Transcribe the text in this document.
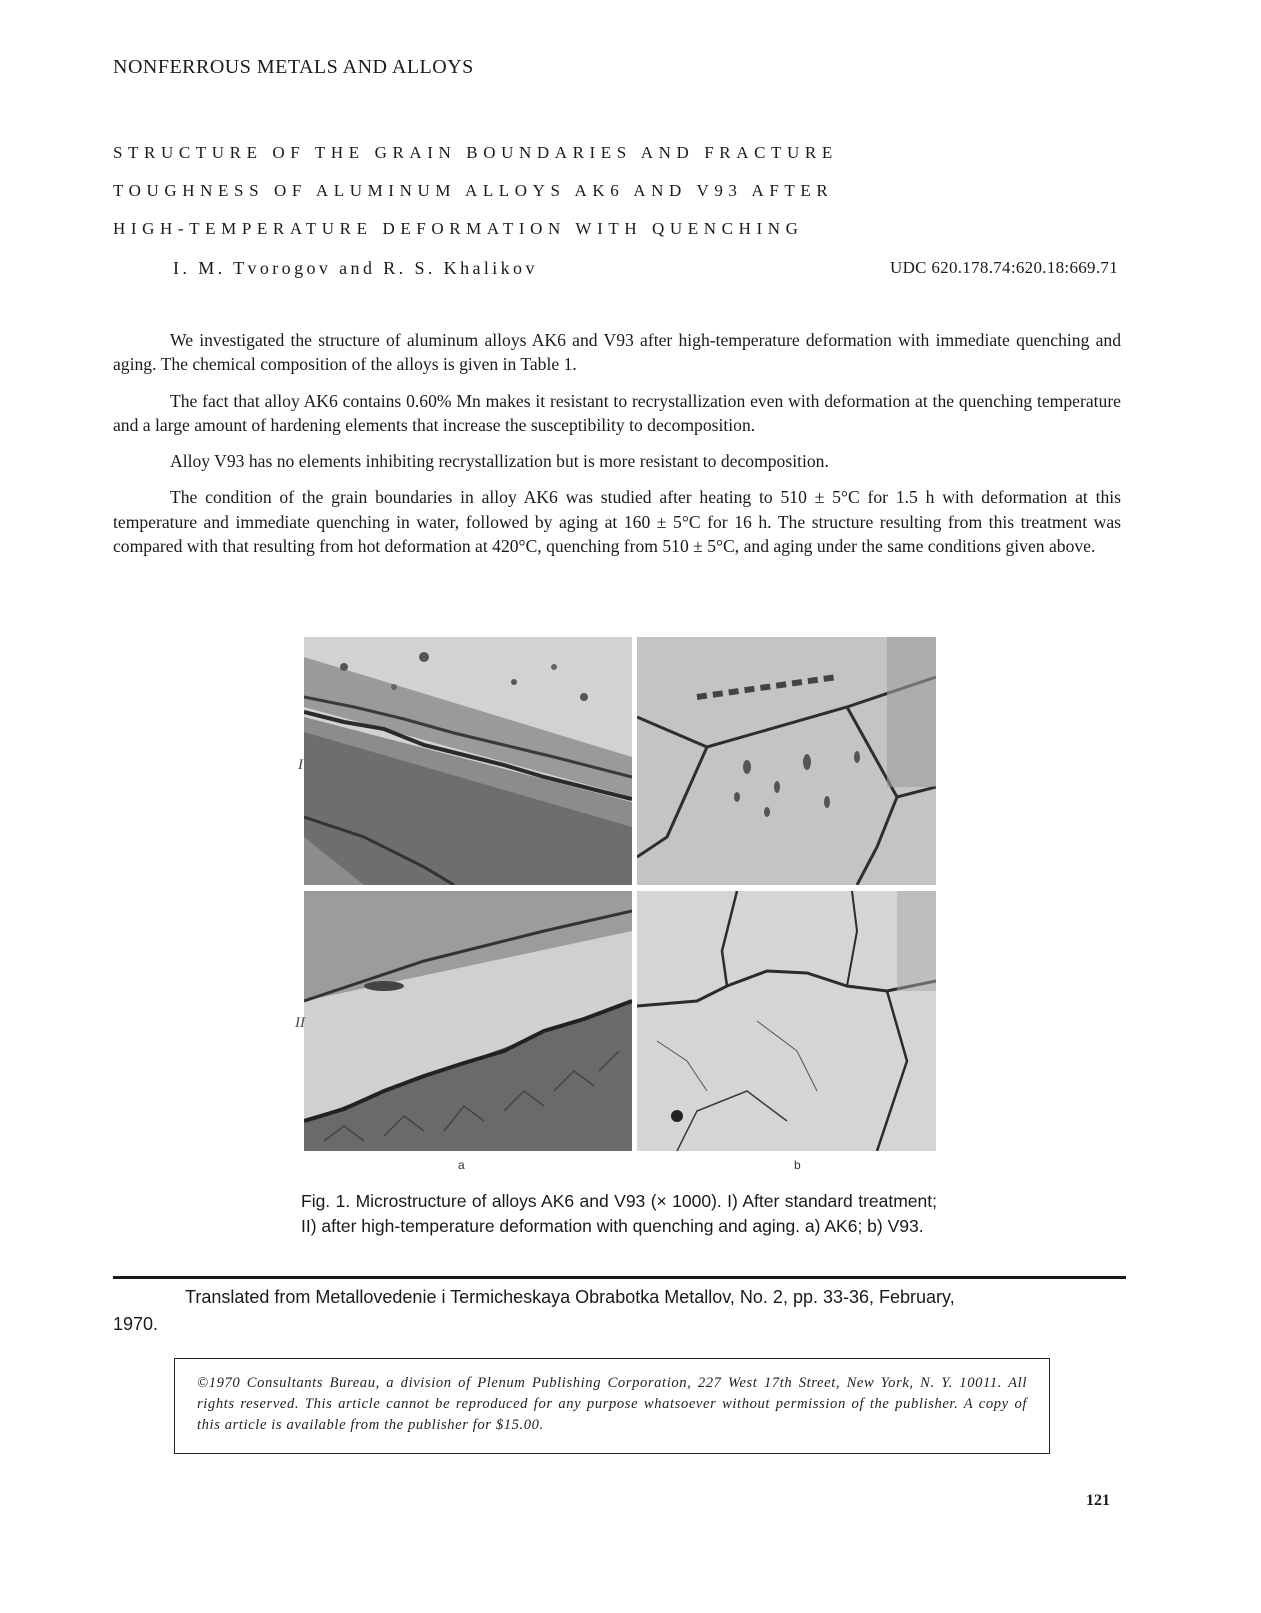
NONFERROUS METALS AND ALLOYS
STRUCTURE OF THE GRAIN BOUNDARIES AND FRACTURE
TOUGHNESS OF ALUMINUM ALLOYS AK6 AND V93 AFTER
HIGH-TEMPERATURE DEFORMATION WITH QUENCHING
I. M. Tvorogov and R. S. Khalikov	UDC 620.178.74:620.18:669.71

We investigated the structure of aluminum alloys AK6 and V93 after high-temperature deformation with immediate quenching and aging. The chemical composition of the alloys is given in Table 1.

The fact that alloy AK6 contains 0.60% Mn makes it resistant to recrystallization even with deformation at the quenching temperature and a large amount of hardening elements that increase the susceptibility to decomposition.

Alloy V93 has no elements inhibiting recrystallization but is more resistant to decomposition.

The condition of the grain boundaries in alloy AK6 was studied after heating to 510 ± 5°C for 1.5 h with deformation at this temperature and immediate quenching in water, followed by aging at 160 ± 5°C for 16 h. The structure resulting from this treatment was compared with that resulting from hot deformation at 420°C, quenching from 510 ± 5°C, and aging under the same conditions given above.

I
II
a	b
Fig. 1. Microstructure of alloys AK6 and V93 (× 1000). I) After standard treatment; II) after high-temperature deformation with quenching and aging. a) AK6; b) V93.
Translated from Metallovedenie i Termicheskaya Obrabotka Metallov, No. 2, pp. 33-36, February,
1970.
©1970 Consultants Bureau, a division of Plenum Publishing Corporation, 227 West 17th Street, New York, N. Y. 10011. All rights reserved. This article cannot be reproduced for any purpose whatsoever without permission of the publisher. A copy of this article is available from the publisher for $15.00.
121
